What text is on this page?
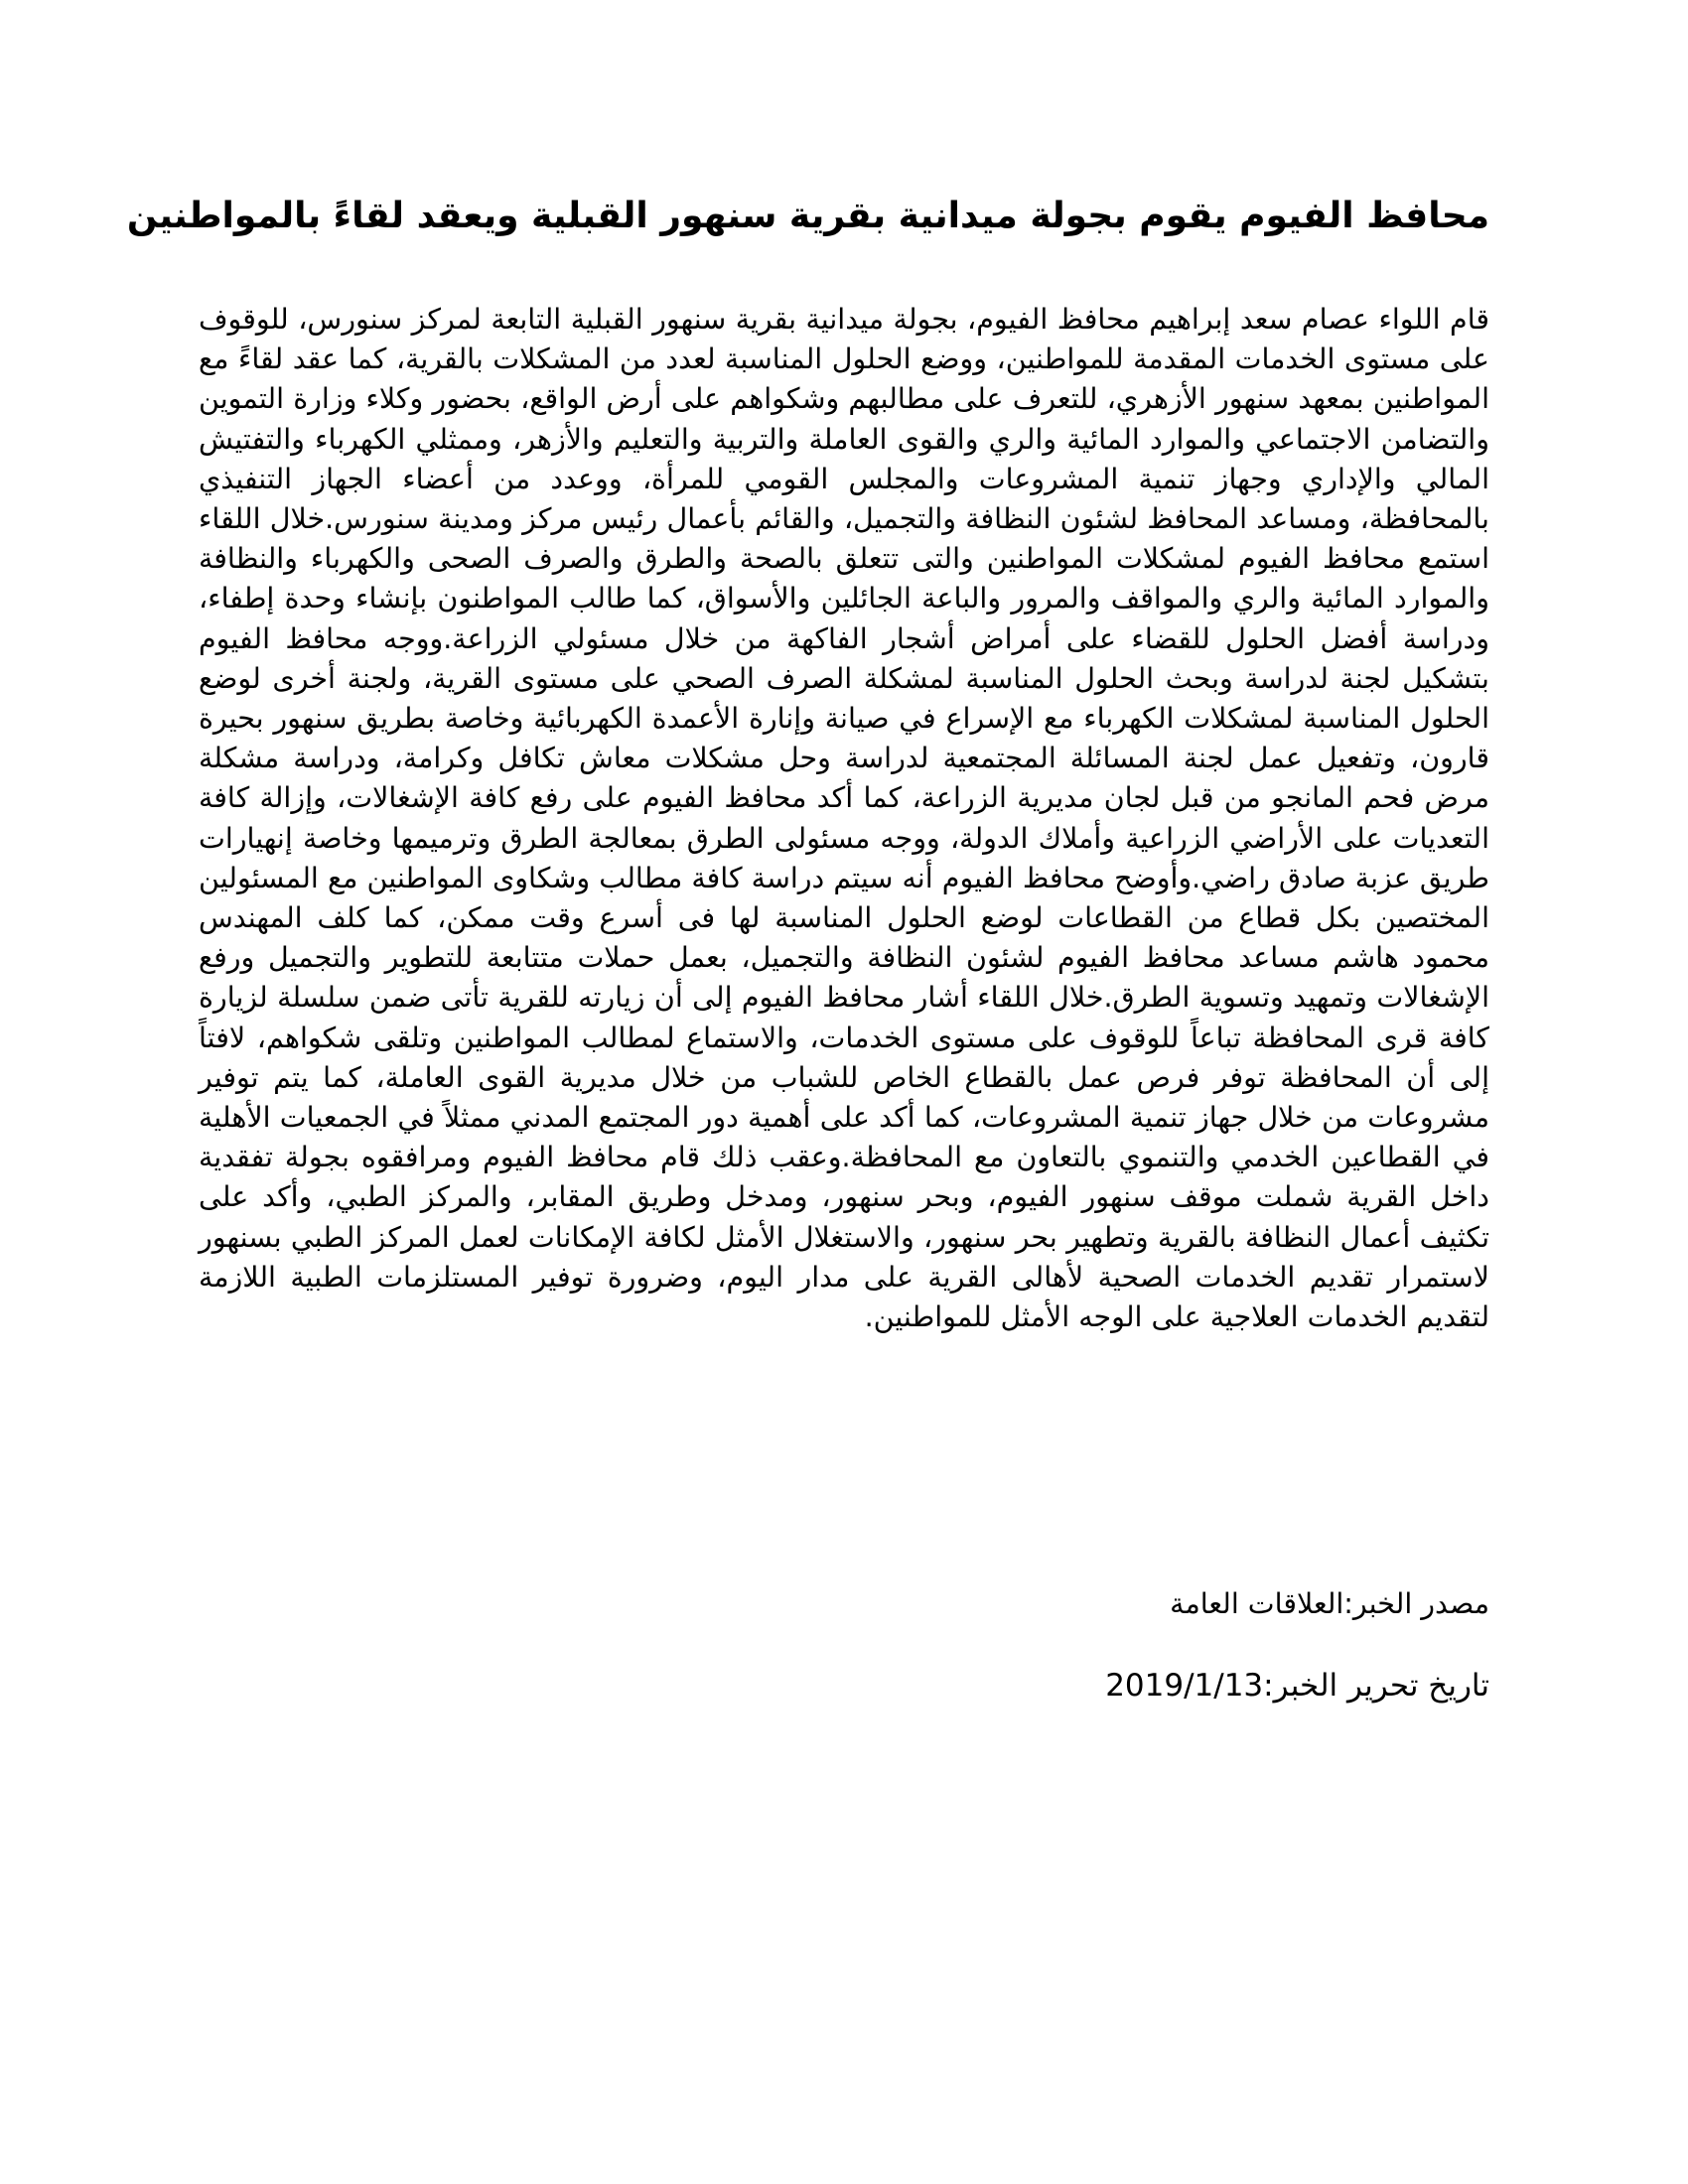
محافظ الفيوم يقوم بجولة ميدانية بقرية سنهور القبلية ويعقد لقاءً بالمواطنين

قام اللواء عصام سعد إبراهيم محافظ الفيوم، بجولة ميدانية بقرية سنهور القبلية التابعة لمركز سنورس، للوقوف على مستوى الخدمات المقدمة للمواطنين، ووضع الحلول المناسبة لعدد من المشكلات بالقرية، كما عقد لقاءً مع المواطنين بمعهد سنهور الأزهري، للتعرف على مطالبهم وشكواهم على أرض الواقع، بحضور وكلاء وزارة التموين والتضامن الاجتماعي والموارد المائية والري والقوى العاملة والتربية والتعليم والأزهر، وممثلي الكهرباء والتفتيش المالي والإداري وجهاز تنمية المشروعات والمجلس القومي للمرأة، ووعدد من أعضاء الجهاز التنفيذي بالمحافظة، ومساعد المحافظ لشئون النظافة والتجميل، والقائم بأعمال رئيس مركز ومدينة سنورس.خلال اللقاء استمع محافظ الفيوم لمشكلات المواطنين والتى تتعلق بالصحة والطرق والصرف الصحى والكهرباء والنظافة والموارد المائية والري والمواقف والمرور والباعة الجائلين والأسواق، كما طالب المواطنون بإنشاء وحدة إطفاء، ودراسة أفضل الحلول للقضاء على أمراض أشجار الفاكهة من خلال مسئولي الزراعة.ووجه محافظ الفيوم بتشكيل لجنة لدراسة وبحث الحلول المناسبة لمشكلة الصرف الصحي على مستوى القرية، ولجنة أخرى لوضع الحلول المناسبة لمشكلات الكهرباء مع الإسراع في صيانة وإنارة الأعمدة الكهربائية وخاصة بطريق سنهور بحيرة قارون، وتفعيل عمل لجنة المسائلة المجتمعية لدراسة وحل مشكلات معاش تكافل وكرامة، ودراسة مشكلة مرض فحم المانجو من قبل لجان مديرية الزراعة، كما أكد محافظ الفيوم على رفع كافة الإشغالات، وإزالة كافة التعديات على الأراضي الزراعية وأملاك الدولة، ووجه مسئولى الطرق بمعالجة الطرق وترميمها وخاصة إنهيارات طريق عزبة صادق راضي.وأوضح محافظ الفيوم أنه سيتم دراسة كافة مطالب وشكاوى المواطنين مع المسئولين المختصين بكل قطاع من القطاعات لوضع الحلول المناسبة لها فى أسرع وقت ممكن، كما كلف المهندس محمود هاشم مساعد محافظ الفيوم لشئون النظافة والتجميل، بعمل حملات متتابعة للتطوير والتجميل ورفع الإشغالات وتمهيد وتسوية الطرق.خلال اللقاء أشار محافظ الفيوم إلى أن زيارته للقرية تأتى ضمن سلسلة لزيارة كافة قرى المحافظة تباعاً للوقوف على مستوى الخدمات، والاستماع لمطالب المواطنين وتلقى شكواهم، لافتاً إلى أن المحافظة توفر فرص عمل بالقطاع الخاص للشباب من خلال مديرية القوى العاملة، كما يتم توفير مشروعات من خلال جهاز تنمية المشروعات، كما أكد على أهمية دور المجتمع المدني ممثلاً في الجمعيات الأهلية في القطاعين الخدمي والتنموي بالتعاون مع المحافظة.وعقب ذلك قام محافظ الفيوم ومرافقوه بجولة تفقدية داخل القرية شملت موقف سنهور الفيوم، وبحر سنهور، ومدخل وطريق المقابر، والمركز الطبي، وأكد على تكثيف أعمال النظافة بالقرية وتطهير بحر سنهور، والاستغلال الأمثل لكافة الإمكانات لعمل المركز الطبي بسنهور لاستمرار تقديم الخدمات الصحية لأهالى القرية على مدار اليوم، وضرورة توفير المستلزمات الطبية اللازمة لتقديم الخدمات العلاجية على الوجه الأمثل للمواطنين.

مصدر الخبر:العلاقات العامة

تاريخ تحرير الخبر:2019/1/13
